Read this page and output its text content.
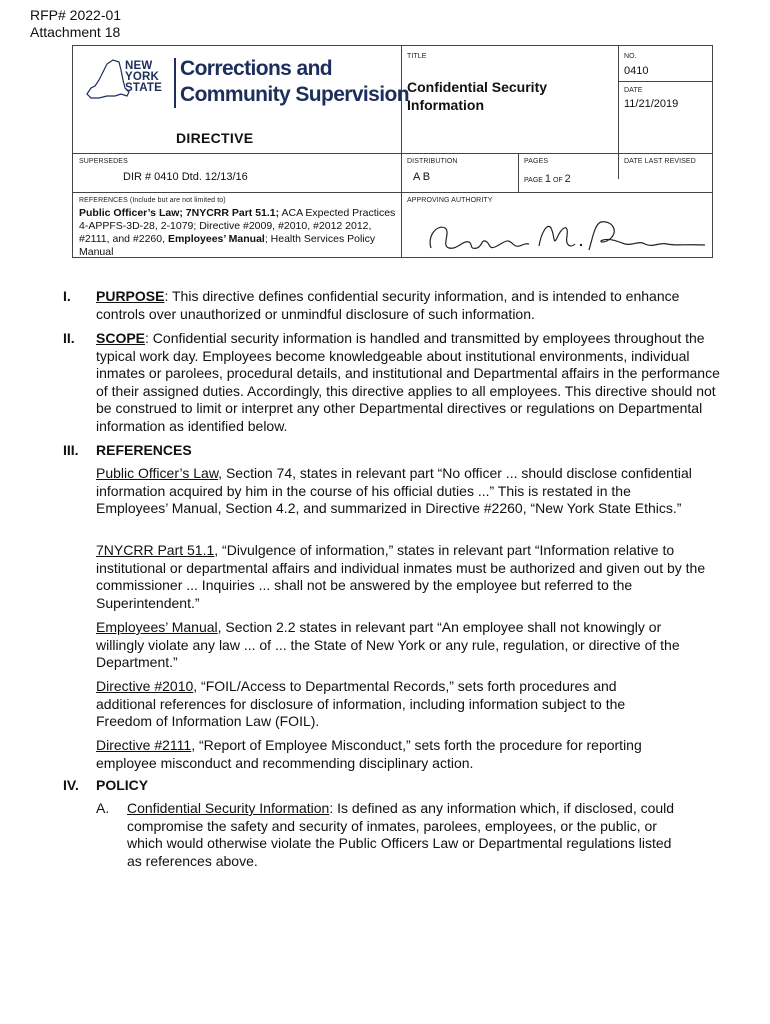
RFP# 2022-01
Attachment 18
NEW
YORK
STATE
Corrections and
Community Supervision
DIRECTIVE
TITLE
Confidential Security
Information
NO.
0410
DATE
11/21/2019
SUPERSEDES
DIR # 0410 Dtd. 12/13/16
DISTRIBUTION
A B
PAGES
PAGE 1 OF 2
DATE LAST REVISED
REFERENCES (Include but are not limited to)
Public Officer’s Law; 7NYCRR Part 51.1; ACA Expected Practices 4-APPFS-3D-28, 2-1079; Directive #2009, #2010, #2012 2012, #2111, and #2260, Employees’ Manual; Health Services Policy Manual
APPROVING AUTHORITY
I. PURPOSE: This directive defines confidential security information, and is intended to enhance controls over unauthorized or unmindful disclosure of such information.
II. SCOPE: Confidential security information is handled and transmitted by employees throughout the typical work day. Employees become knowledgeable about institutional environments, individual inmates or parolees, procedural details, and institutional and Departmental affairs in the performance of their assigned duties. Accordingly, this directive applies to all employees. This directive should not be construed to limit or interpret any other Departmental directives or regulations on Departmental information as identified below.
III. REFERENCES
Public Officer’s Law, Section 74, states in relevant part “No officer ... should disclose confidential information acquired by him in the course of his official duties ...” This is restated in the Employees’ Manual, Section 4.2, and summarized in Directive #2260, “New York State Ethics.”
7NYCRR Part 51.1, “Divulgence of information,” states in relevant part “Information relative to institutional or departmental affairs and individual inmates must be authorized and given out by the commissioner ... Inquiries ... shall not be answered by the employee but referred to the Superintendent.”
Employees’ Manual, Section 2.2 states in relevant part “An employee shall not knowingly or willingly violate any law ... of ... the State of New York or any rule, regulation, or directive of the Department.”
Directive #2010, “FOIL/Access to Departmental Records,” sets forth procedures and additional references for disclosure of information, including information subject to the Freedom of Information Law (FOIL).
Directive #2111, “Report of Employee Misconduct,” sets forth the procedure for reporting employee misconduct and recommending disciplinary action.
IV. POLICY
A. Confidential Security Information: Is defined as any information which, if disclosed, could compromise the safety and security of inmates, parolees, employees, or the public, or which would otherwise violate the Public Officers Law or Departmental regulations listed as references above.
